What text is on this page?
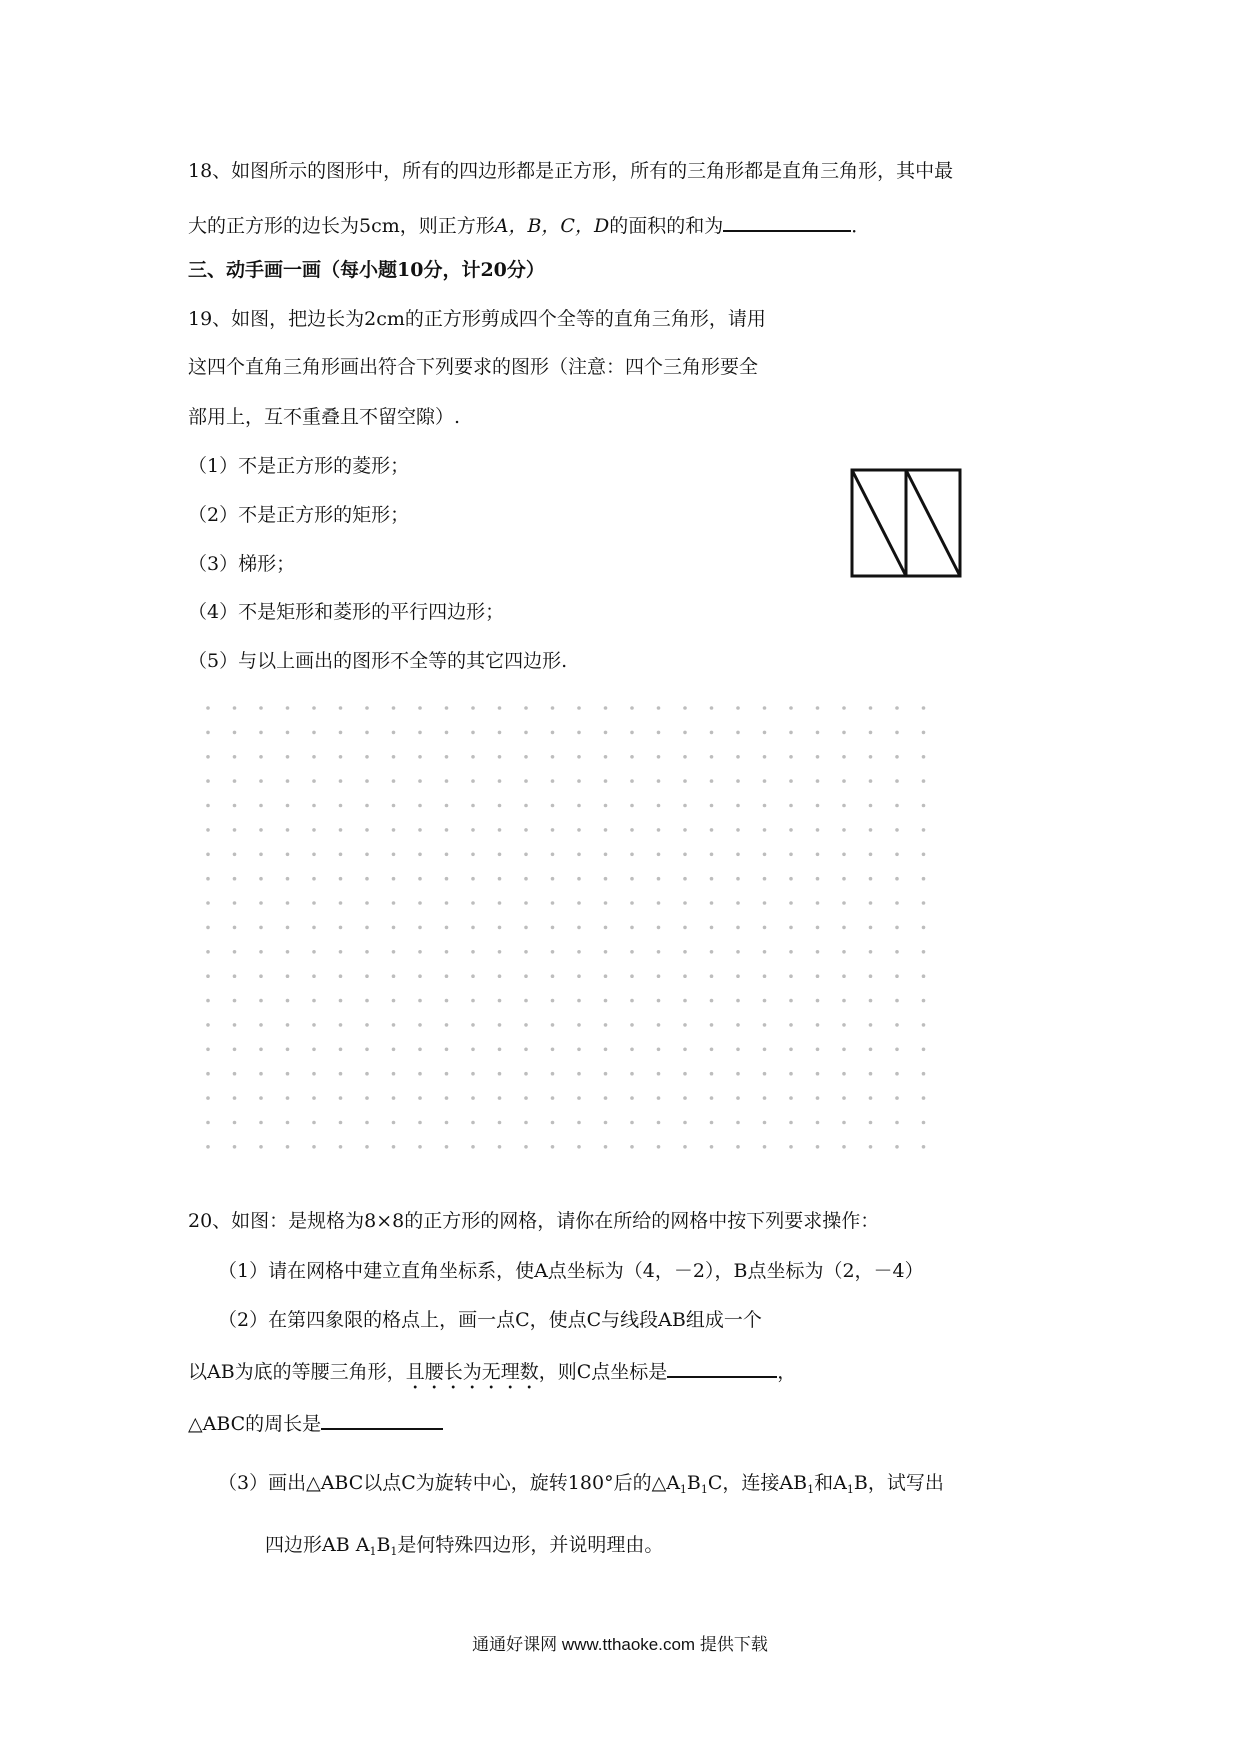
18、如图所示的图形中，所有的四边形都是正方形，所有的三角形都是直角三角形，其中最
大的正方形的边长为5cm，则正方形A，B，C，D的面积的和为	．
三、动手画一画（每小题10分，计20分）
19、如图，把边长为2cm的正方形剪成四个全等的直角三角形，请用
这四个直角三角形画出符合下列要求的图形（注意：四个三角形要全
部用上，互不重叠且不留空隙）.
（1）不是正方形的菱形；
（2）不是正方形的矩形；
（3）梯形；
（4）不是矩形和菱形的平行四边形；
（5）与以上画出的图形不全等的其它四边形.
20、如图：是规格为8×8的正方形的网格，请你在所给的网格中按下列要求操作：
（1）请在网格中建立直角坐标系，使A点坐标为（4，－2），B点坐标为（2，－4）
（2）在第四象限的格点上，画一点C，使点C与线段AB组成一个
以AB为底的等腰三角形，且腰长为无理数，则C点坐标是	，
△ABC的周长是
（3）画出△ABC以点C为旋转中心，旋转180°后的$\triangle A_1B_1C$，连接$AB_1$和$A_1B$，试写出
四边形AB $A_1B_1$是何特殊四边形，并说明理由。
通通好课网 www.tthaoke.com 提供下载
